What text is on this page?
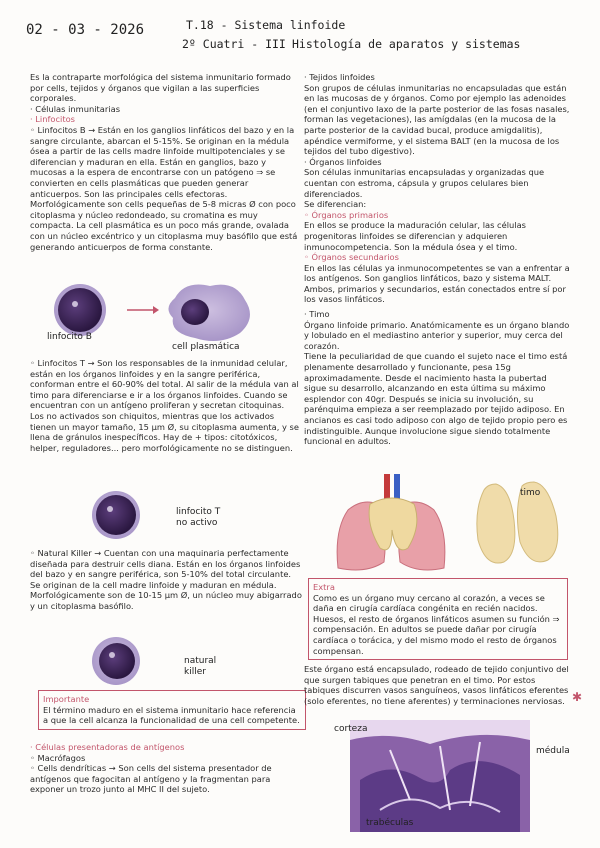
02 - 03 - 2026	T.18 - Sistema linfoide
2º Cuatri - III Histología de aparatos y sistemas

Es la contraparte morfológica del sistema inmunitario formado por cells, tejidos y órganos que vigilan a las superficies corporales.

· Células inmunitarias

· Linfocitos

◦ Linfocitos B → Están en los ganglios linfáticos del bazo y en la sangre circulante, abarcan el 5-15%. Se originan en la médula ósea a partir de las cells madre linfoide multipotenciales y se diferencian y maduran en ella. Están en ganglios, bazo y mucosas a la espera de encontrarse con un patógeno ⇒ se convierten en cells plasmáticas que pueden generar anticuerpos. Son las principales cells efectoras.

Morfológicamente son cells pequeñas de 5-8 micras Ø con poco citoplasma y núcleo redondeado, su cromatina es muy compacta. La cell plasmática es un poco más grande, ovalada con un núcleo excéntrico y un citoplasma muy basófilo que está generando anticuerpos de forma constante.

linfocito B
cell plasmática

◦ Linfocitos T → Son los responsables de la inmunidad celular, están en los órganos linfoides y en la sangre periférica, conforman entre el 60-90% del total. Al salir de la médula van al timo para diferenciarse e ir a los órganos linfoides. Cuando se encuentran con un antígeno proliferan y secretan citoquinas.

Los no activados son chiquitos, mientras que los activados tienen un mayor tamaño, 15 μm Ø, su citoplasma aumenta, y se llena de gránulos inespecíficos. Hay de + tipos: citotóxicos, helper, reguladores... pero morfológicamente no se distinguen.

linfocito T
no activo

◦ Natural Killer → Cuentan con una maquinaria perfectamente diseñada para destruir cells diana. Están en los órganos linfoides del bazo y en sangre periférica, son 5-10% del total circulante. Se originan de la cell madre linfoide y maduran en médula.

Morfológicamente son de 10-15 μm Ø, un núcleo muy abigarrado y un citoplasma basófilo.

natural
killer

Importante

El término maduro en el sistema inmunitario hace referencia a que la cell alcanza la funcionalidad de una cell competente.

· Células presentadoras de antígenos

◦ Macrófagos

◦ Cells dendríticas → Son cells del sistema presentador de antígenos que fagocitan al antígeno y la fragmentan para exponer un trozo junto al MHC II del sujeto.

· Tejidos linfoides

Son grupos de células inmunitarias no encapsuladas que están en las mucosas de y órganos. Como por ejemplo las adenoides (en el conjuntivo laxo de la parte posterior de las fosas nasales, forman las vegetaciones), las amígdalas (en la mucosa de la parte posterior de la cavidad bucal, produce amigdalitis), apéndice vermiforme, y el sistema BALT (en la mucosa de los tejidos del tubo digestivo).

· Órganos linfoides

Son células inmunitarias encapsuladas y organizadas que cuentan con estroma, cápsula y grupos celulares bien diferenciados.

Se diferencian:

◦ Órganos primarios

En ellos se produce la maduración celular, las células progenitoras linfoides se diferencian y adquieren inmunocompetencia. Son la médula ósea y el timo.

◦ Órganos secundarios

En ellos las células ya inmunocompetentes se van a enfrentar a los antígenos. Son ganglios linfáticos, bazo y sistema MALT.

Ambos, primarios y secundarios, están conectados entre sí por los vasos linfáticos.

· Timo

Órgano linfoide primario. Anatómicamente es un órgano blando y lobulado en el mediastino anterior y superior, muy cerca del corazón.

Tiene la peculiaridad de que cuando el sujeto nace el timo está plenamente desarrollado y funcionante, pesa 15g aproximadamente. Desde el nacimiento hasta la pubertad sigue su desarrollo, alcanzando en esta última su máximo esplendor con 40gr. Después se inicia su involución, su parénquima empieza a ser reemplazado por tejido adiposo. En ancianos es casi todo adiposo con algo de tejido propio pero es indistinguible. Aunque involucione sigue siendo totalmente funcional en adultos.

timo

Extra

Como es un órgano muy cercano al corazón, a veces se daña en cirugía cardíaca congénita en recién nacidos. Huesos, el resto de órganos linfáticos asumen su función ⇒ compensación. En adultos se puede dañar por cirugía cardíaca o torácica, y del mismo modo el resto de órganos compensan.

Este órgano está encapsulado, rodeado de tejido conjuntivo del que surgen tabiques que penetran en el timo. Por estos tabiques discurren vasos sanguíneos, vasos linfáticos eferentes (solo eferentes, no tiene aferentes) y terminaciones nerviosas. ✱
corteza
médula
trabéculas
